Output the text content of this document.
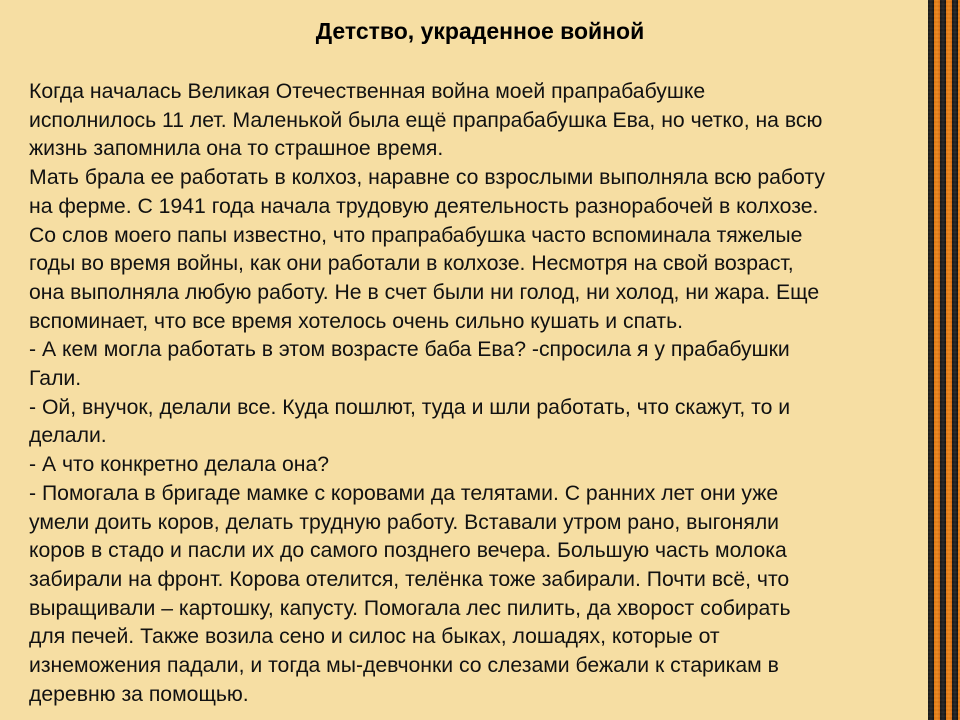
Детство, украденное войной
Когда началась Великая Отечественная война моей прапрабабушке
исполнилось 11 лет. Маленькой была ещё прапрабабушка Ева, но четко, на всю
жизнь запомнила она то страшное время.
Мать брала ее работать в колхоз, наравне со взрослыми выполняла всю работу
на ферме. С 1941 года начала трудовую деятельность разнорабочей в колхозе.
Со слов моего папы известно, что прапрабабушка часто вспоминала тяжелые
годы во время войны, как они работали в колхозе. Несмотря на свой возраст,
она выполняла любую работу. Не в счет были ни голод, ни холод, ни жара. Еще
вспоминает, что все время хотелось очень сильно кушать и спать.
- А кем могла работать в этом возрасте баба Ева? -спросила я у прабабушки
Гали.
- Ой, внучок, делали все. Куда пошлют, туда и шли работать, что скажут, то и
делали.
- А что конкретно делала она?
- Помогала в бригаде мамке с коровами да телятами. С ранних лет они уже
умели доить коров, делать трудную работу. Вставали утром рано, выгоняли
коров в стадо и пасли их до самого позднего вечера. Большую часть молока
забирали на фронт. Корова отелится, телёнка тоже забирали. Почти всё, что
выращивали – картошку, капусту. Помогала лес пилить, да хворост собирать
для печей. Также возила сено и силос на быках, лошадях, которые от
изнеможения падали, и тогда мы-девчонки со слезами бежали к старикам в
деревню за помощью.
